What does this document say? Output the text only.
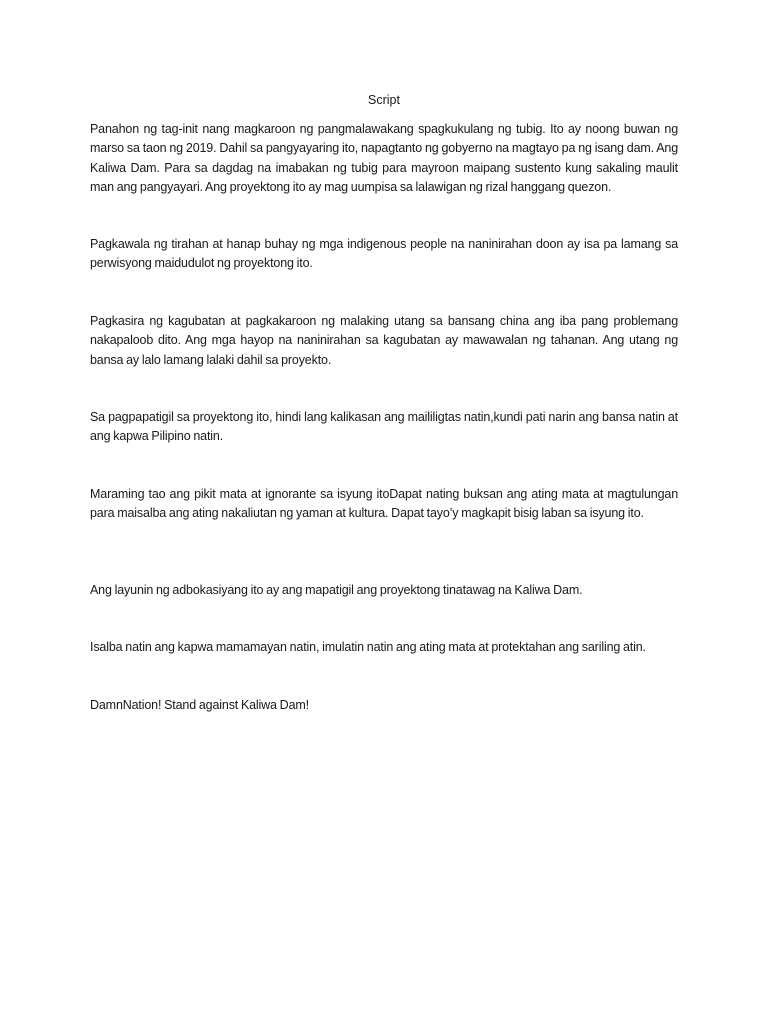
Script

Panahon ng tag-init nang magkaroon ng pangmalawakang spagkukulang ng tubig. Ito ay noong buwan ng marso sa taon ng 2019. Dahil sa pangyayaring ito, napagtanto ng gobyerno na magtayo pa ng isang dam. Ang Kaliwa Dam. Para sa dagdag na imabakan ng tubig para mayroon maipang sustento kung sakaling maulit man ang pangyayari. Ang proyektong ito ay mag uumpisa sa lalawigan ng rizal hanggang quezon.

Pagkawala ng tirahan at hanap buhay ng mga indigenous people na naninirahan doon ay isa pa lamang sa perwisyong maidudulot ng proyektong ito.

Pagkasira ng kagubatan at pagkakaroon ng malaking utang sa bansang china ang iba pang problemang nakapaloob dito. Ang mga hayop na naninirahan sa kagubatan ay mawawalan ng tahanan. Ang utang ng bansa ay lalo lamang lalaki dahil sa proyekto.

Sa pagpapatigil sa proyektong ito, hindi lang kalikasan ang maililigtas natin,kundi pati narin ang bansa natin at ang kapwa Pilipino natin.

Maraming tao ang pikit mata at ignorante sa isyung itoDapat nating buksan ang ating mata at magtulungan para maisalba ang ating nakaliutan ng yaman at kultura. Dapat tayo’y magkapit bisig laban sa isyung ito.

Ang layunin ng adbokasiyang ito ay ang mapatigil ang proyektong tinatawag na Kaliwa Dam.

Isalba natin ang kapwa mamamayan natin, imulatin natin ang ating mata at protektahan ang sariling atin.

DamnNation! Stand against Kaliwa Dam!
